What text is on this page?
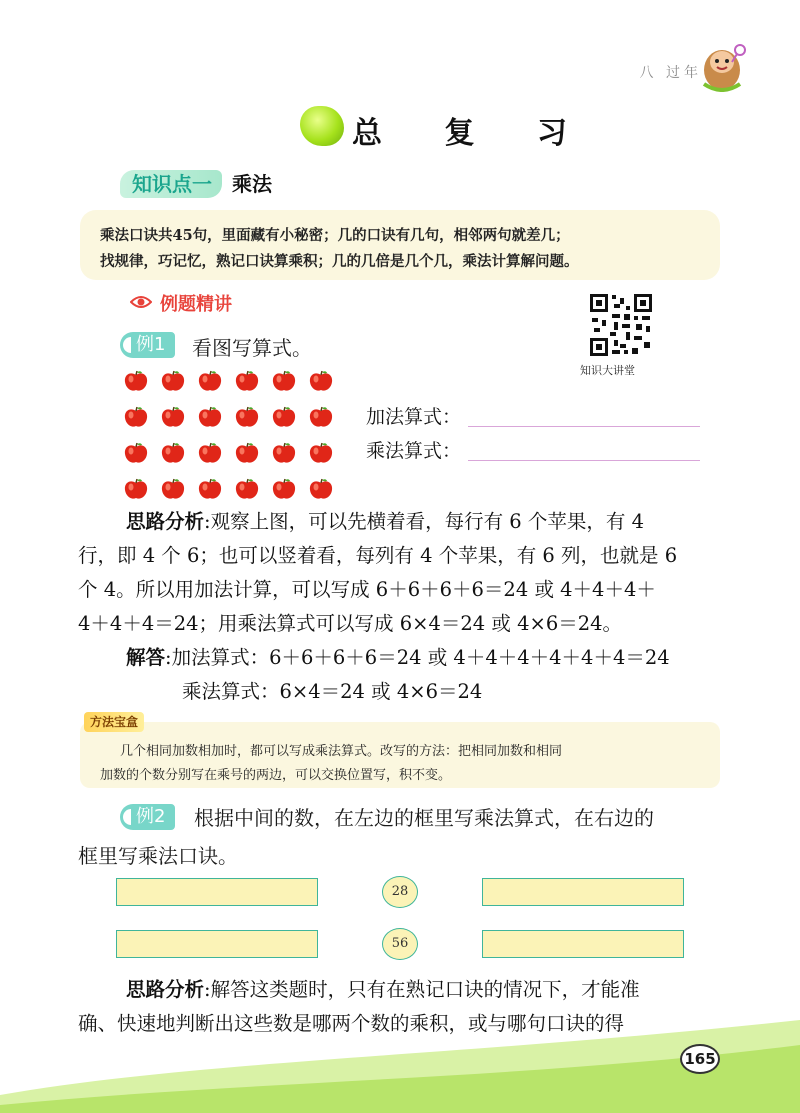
八 过年
总 复 习
知识点一	乘法
乘法口诀共45句，里面藏有小秘密；几的口诀有几句，相邻两句就差几；
找规律，巧记忆，熟记口诀算乘积；几的几倍是几个几，乘法计算解问题。
例题精讲
知识大讲堂
例1	看图写算式。
加法算式：
乘法算式：
思路分析:观察上图，可以先横着看，每行有 6 个苹果，有 4
行，即 4 个 6；也可以竖着看，每列有 4 个苹果，有 6 列，也就是 6
个 4。所以用加法计算，可以写成 6＋6＋6＋6＝24 或 4＋4＋4＋
4＋4＋4＝24；用乘法算式可以写成 6×4＝24 或 4×6＝24。
解答:加法算式：6＋6＋6＋6＝24 或 4＋4＋4＋4＋4＋4＝24
乘法算式：6×4＝24 或 4×6＝24
方法宝盒
几个相同加数相加时，都可以写成乘法算式。改写的方法：把相同加数和相同
加数的个数分别写在乘号的两边，可以交换位置写，积不变。
例2	根据中间的数，在左边的框里写乘法算式，在右边的
框里写乘法口诀。
28
56
思路分析:解答这类题时，只有在熟记口诀的情况下，才能准
确、快速地判断出这些数是哪两个数的乘积，或与哪句口诀的得
165
